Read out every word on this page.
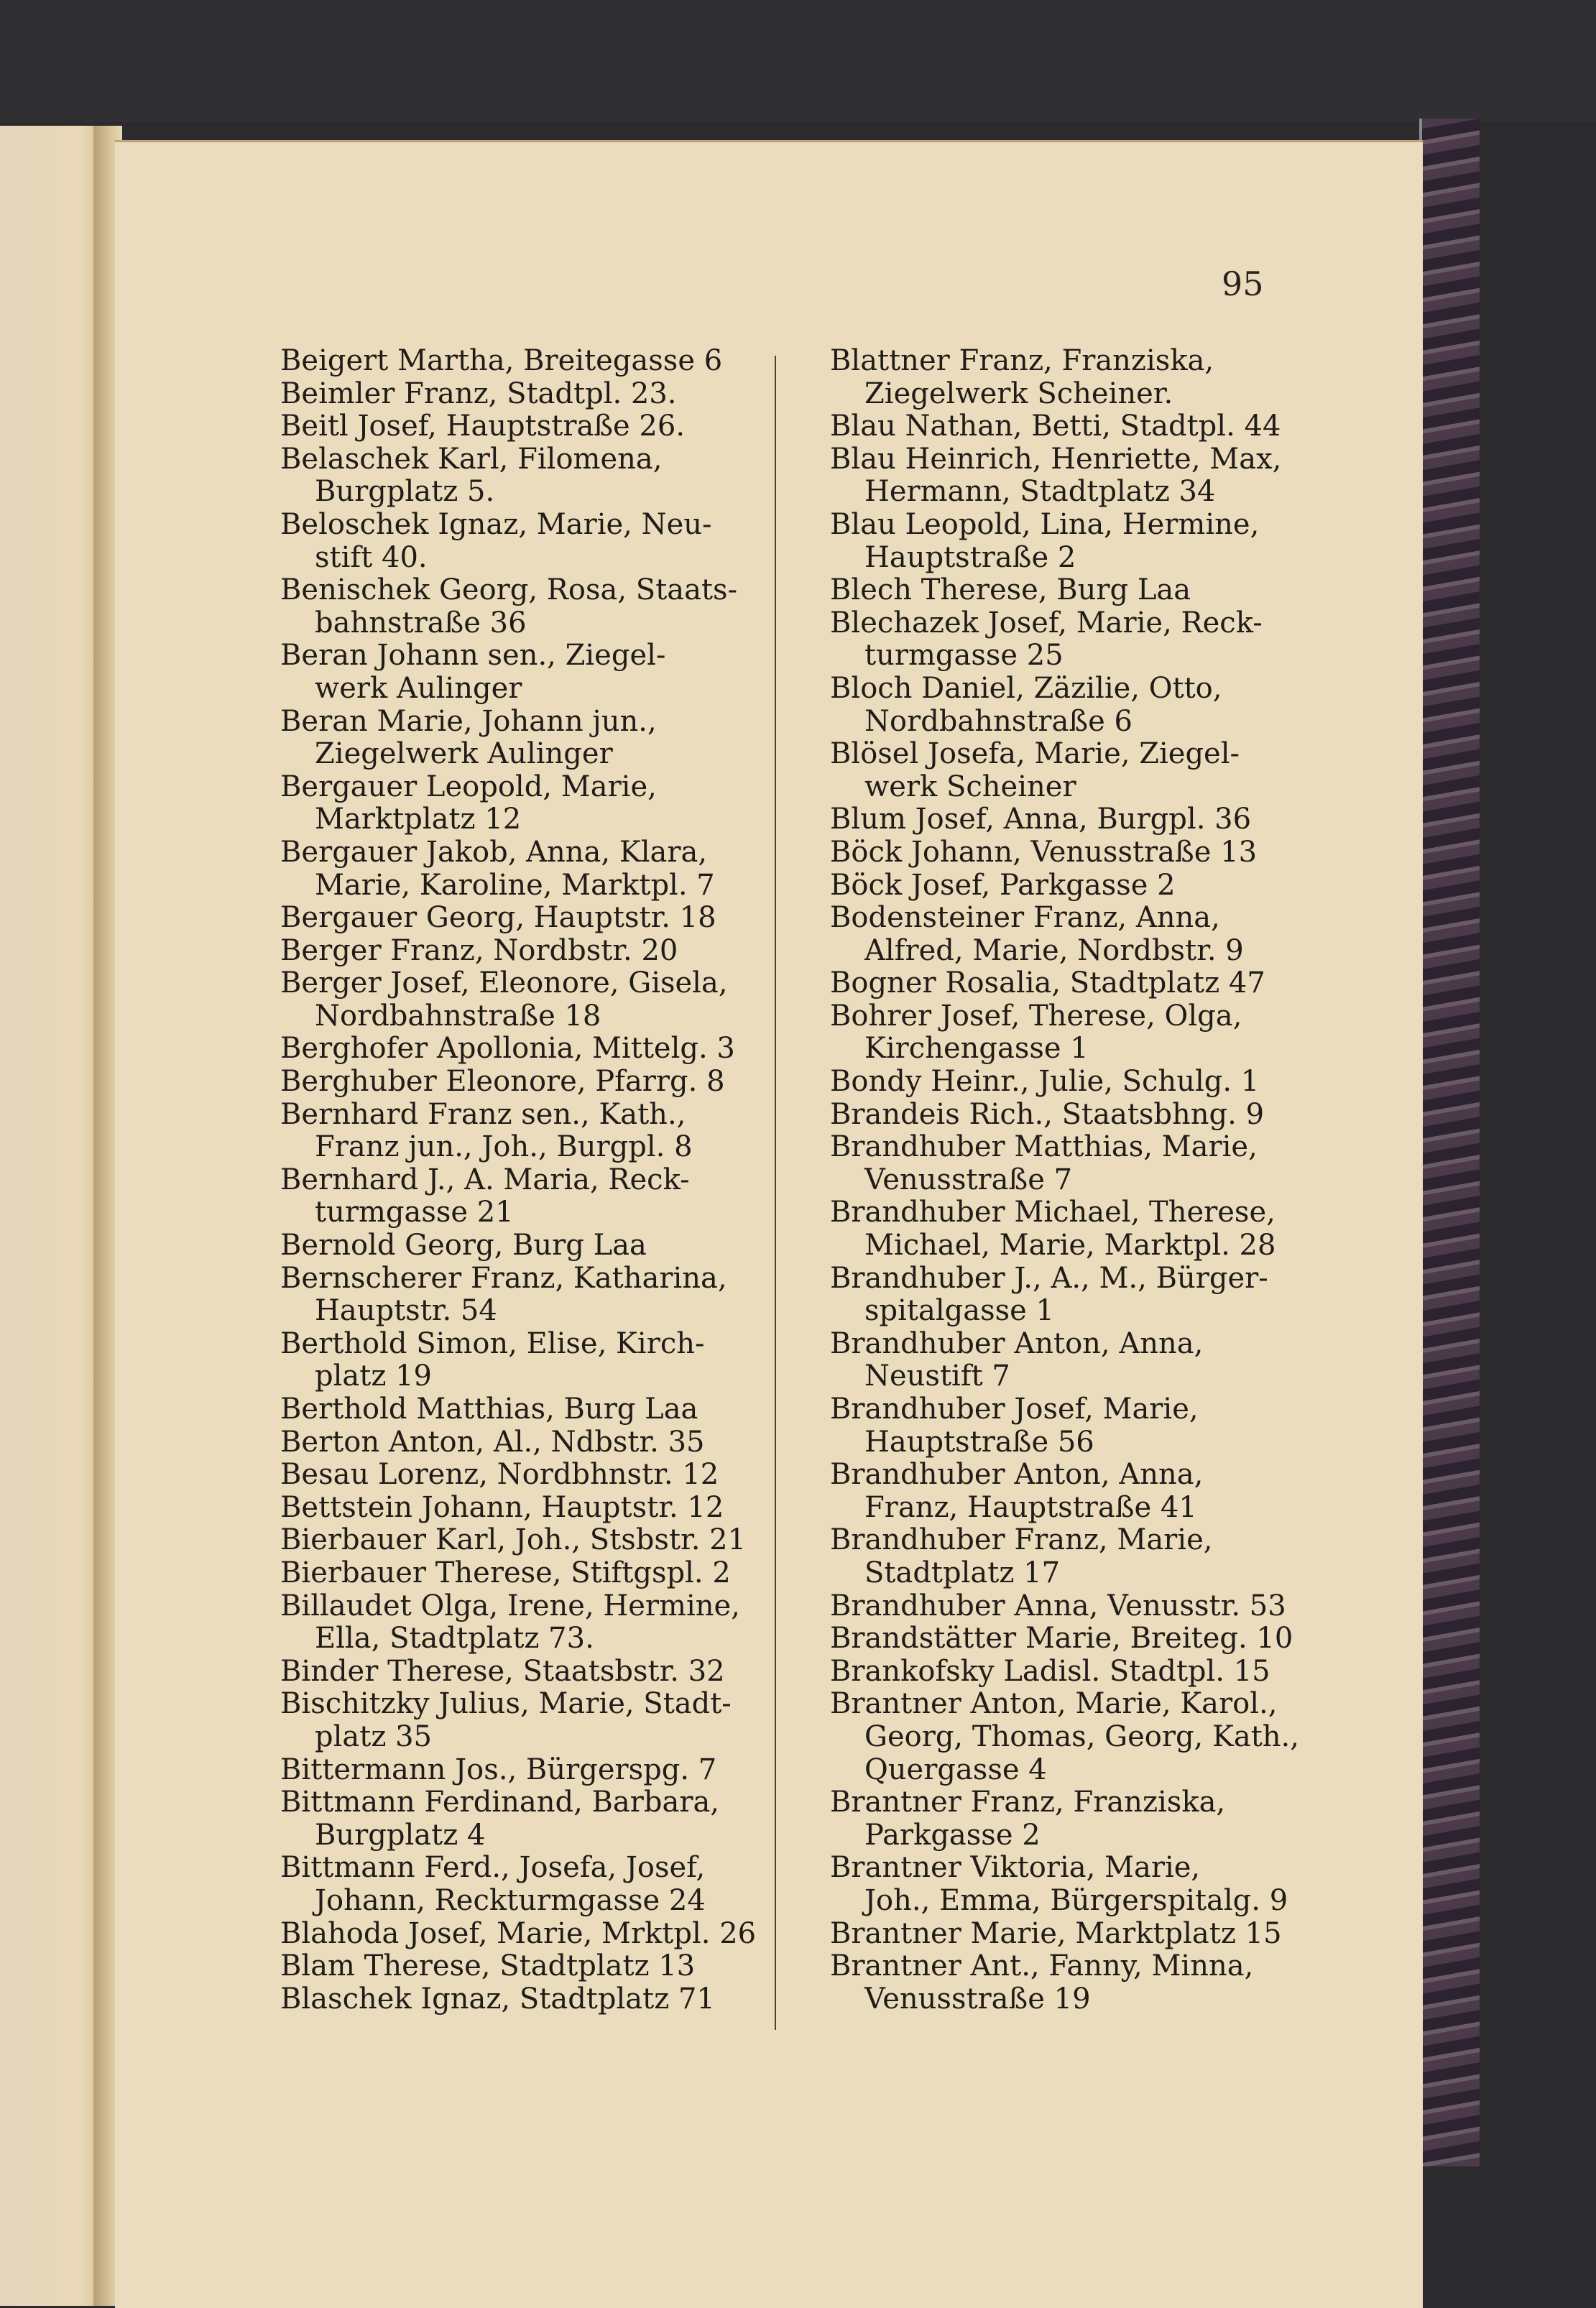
95
Beigert Martha, Breitegasse 6
Beimler Franz, Stadtpl. 23.
Beitl Josef, Hauptstraße 26.
Belaschek Karl, Filomena,
Burgplatz 5.
Beloschek Ignaz, Marie, Neu-
stift 40.
Benischek Georg, Rosa, Staats-
bahnstraße 36
Beran Johann sen., Ziegel-
werk Aulinger
Beran Marie, Johann jun.,
Ziegelwerk Aulinger
Bergauer Leopold, Marie,
Marktplatz 12
Bergauer Jakob, Anna, Klara,
Marie, Karoline, Marktpl. 7
Bergauer Georg, Hauptstr. 18
Berger Franz, Nordbstr. 20
Berger Josef, Eleonore, Gisela,
Nordbahnstraße 18
Berghofer Apollonia, Mittelg. 3
Berghuber Eleonore, Pfarrg. 8
Bernhard Franz sen., Kath.,
Franz jun., Joh., Burgpl. 8
Bernhard J., A. Maria, Reck-
turmgasse 21
Bernold Georg, Burg Laa
Bernscherer Franz, Katharina,
Hauptstr. 54
Berthold Simon, Elise, Kirch-
platz 19
Berthold Matthias, Burg Laa
Berton Anton, Al., Ndbstr. 35
Besau Lorenz, Nordbhnstr. 12
Bettstein Johann, Hauptstr. 12
Bierbauer Karl, Joh., Stsbstr. 21
Bierbauer Therese, Stiftgspl. 2
Billaudet Olga, Irene, Hermine,
Ella, Stadtplatz 73.
Binder Therese, Staatsbstr. 32
Bischitzky Julius, Marie, Stadt-
platz 35
Bittermann Jos., Bürgerspg. 7
Bittmann Ferdinand, Barbara,
Burgplatz 4
Bittmann Ferd., Josefa, Josef,
Johann, Reckturmgasse 24
Blahoda Josef, Marie, Mrktpl. 26
Blam Therese, Stadtplatz 13
Blaschek Ignaz, Stadtplatz 71
Blattner Franz, Franziska,
Ziegelwerk Scheiner.
Blau Nathan, Betti, Stadtpl. 44
Blau Heinrich, Henriette, Max,
Hermann, Stadtplatz 34
Blau Leopold, Lina, Hermine,
Hauptstraße 2
Blech Therese, Burg Laa
Blechazek Josef, Marie, Reck-
turmgasse 25
Bloch Daniel, Zäzilie, Otto,
Nordbahnstraße 6
Blösel Josefa, Marie, Ziegel-
werk Scheiner
Blum Josef, Anna, Burgpl. 36
Böck Johann, Venusstraße 13
Böck Josef, Parkgasse 2
Bodensteiner Franz, Anna,
Alfred, Marie, Nordbstr. 9
Bogner Rosalia, Stadtplatz 47
Bohrer Josef, Therese, Olga,
Kirchengasse 1
Bondy Heinr., Julie, Schulg. 1
Brandeis Rich., Staatsbhng. 9
Brandhuber Matthias, Marie,
Venusstraße 7
Brandhuber Michael, Therese,
Michael, Marie, Marktpl. 28
Brandhuber J., A., M., Bürger-
spitalgasse 1
Brandhuber Anton, Anna,
Neustift 7
Brandhuber Josef, Marie,
Hauptstraße 56
Brandhuber Anton, Anna,
Franz, Hauptstraße 41
Brandhuber Franz, Marie,
Stadtplatz 17
Brandhuber Anna, Venusstr. 53
Brandstätter Marie, Breiteg. 10
Brankofsky Ladisl. Stadtpl. 15
Brantner Anton, Marie, Karol.,
Georg, Thomas, Georg, Kath.,
Quergasse 4
Brantner Franz, Franziska,
Parkgasse 2
Brantner Viktoria, Marie,
Joh., Emma, Bürgerspitalg. 9
Brantner Marie, Marktplatz 15
Brantner Ant., Fanny, Minna,
Venusstraße 19
